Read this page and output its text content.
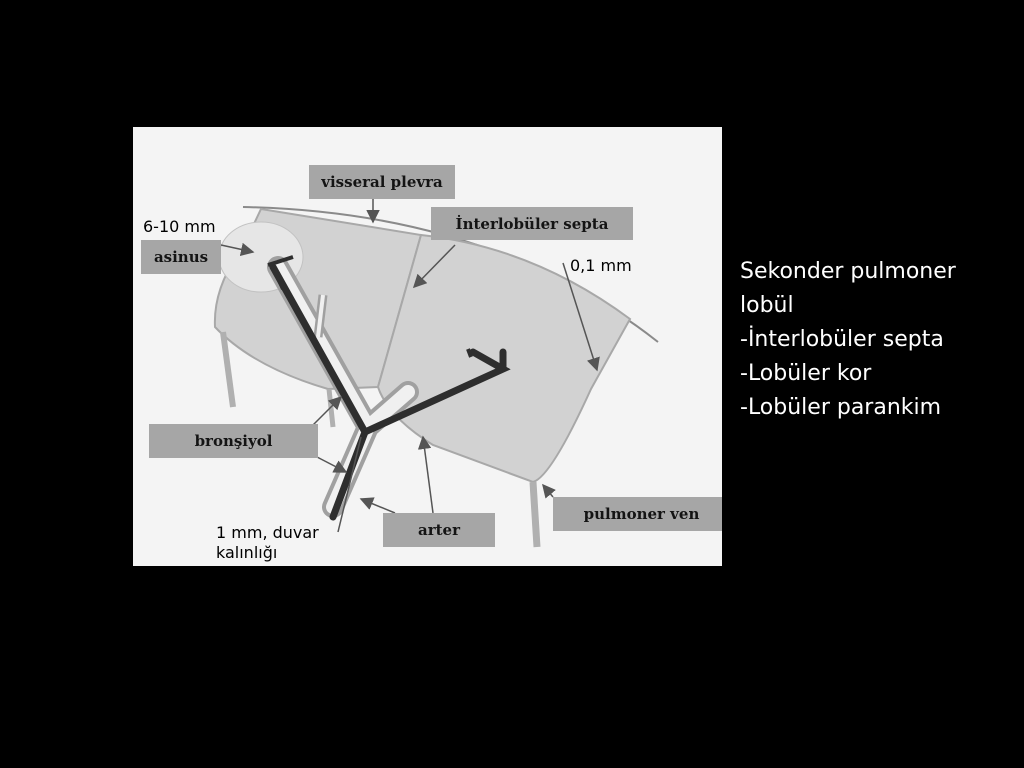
visseral plevra
İnterlobüler septa
asinus
bronşiyol
arter
pulmoner ven
6-10 mm
0,1 mm
1 mm, duvar kalınlığı
Sekonder pulmoner
lobül
-İnterlobüler septa
-Lobüler kor
-Lobüler parankim
